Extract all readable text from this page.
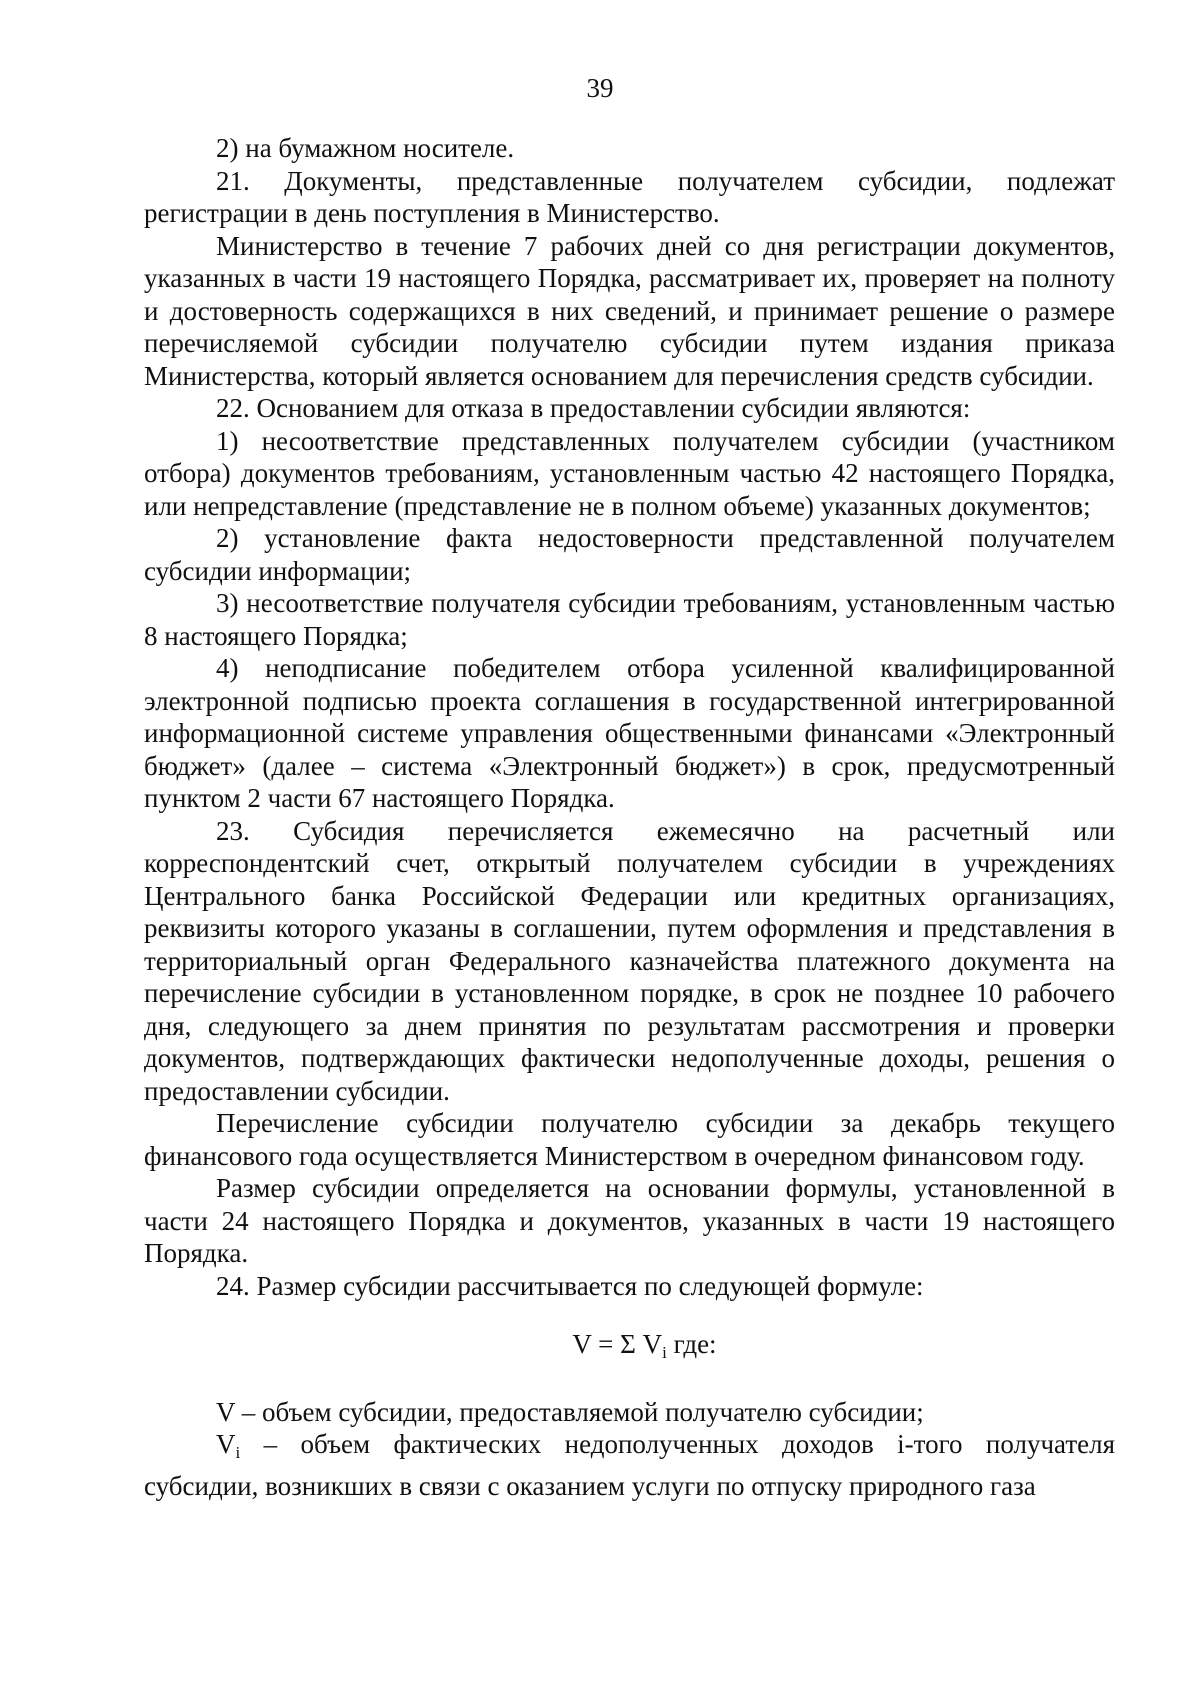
39

2) на бумажном носителе.

21. Документы, представленные получателем субсидии, подлежат регистрации в день поступления в Министерство.

Министерство в течение 7 рабочих дней со дня регистрации документов, указанных в части 19 настоящего Порядка, рассматривает их, проверяет на полноту и достоверность содержащихся в них сведений, и принимает решение о размере перечисляемой субсидии получателю субсидии путем издания приказа Министерства, который является основанием для перечисления средств субсидии.

22. Основанием для отказа в предоставлении субсидии являются:

1) несоответствие представленных получателем субсидии (участником отбора) документов требованиям, установленным частью 42 настоящего Порядка, или непредставление (представление не в полном объеме) указанных документов;

2) установление факта недостоверности представленной получателем субсидии информации;

3) несоответствие получателя субсидии требованиям, установленным частью 8 настоящего Порядка;

4) неподписание победителем отбора усиленной квалифицированной электронной подписью проекта соглашения в государственной интегрированной информационной системе управления общественными финансами «Электронный бюджет» (далее – система «Электронный бюджет») в срок, предусмотренный пунктом 2 части 67 настоящего Порядка.

23. Субсидия перечисляется ежемесячно на расчетный или корреспондентский счет, открытый получателем субсидии в учреждениях Центрального банка Российской Федерации или кредитных организациях, реквизиты которого указаны в соглашении, путем оформления и представления в территориальный орган Федерального казначейства платежного документа на перечисление субсидии в установленном порядке, в срок не позднее 10 рабочего дня, следующего за днем принятия по результатам рассмотрения и проверки документов, подтверждающих фактически недополученные доходы, решения о предоставлении субсидии.

Перечисление субсидии получателю субсидии за декабрь текущего финансового года осуществляется Министерством в очередном финансовом году.

Размер субсидии определяется на основании формулы, установленной в части 24 настоящего Порядка и документов, указанных в части 19 настоящего Порядка.

24. Размер субсидии рассчитывается по следующей формуле:

V = Σ $V_i$ где:

V – объем субсидии, предоставляемой получателю субсидии;

$V_i$ – объем фактических недополученных доходов i-того получателя субсидии, возникших в связи с оказанием услуги по отпуску природного газа
